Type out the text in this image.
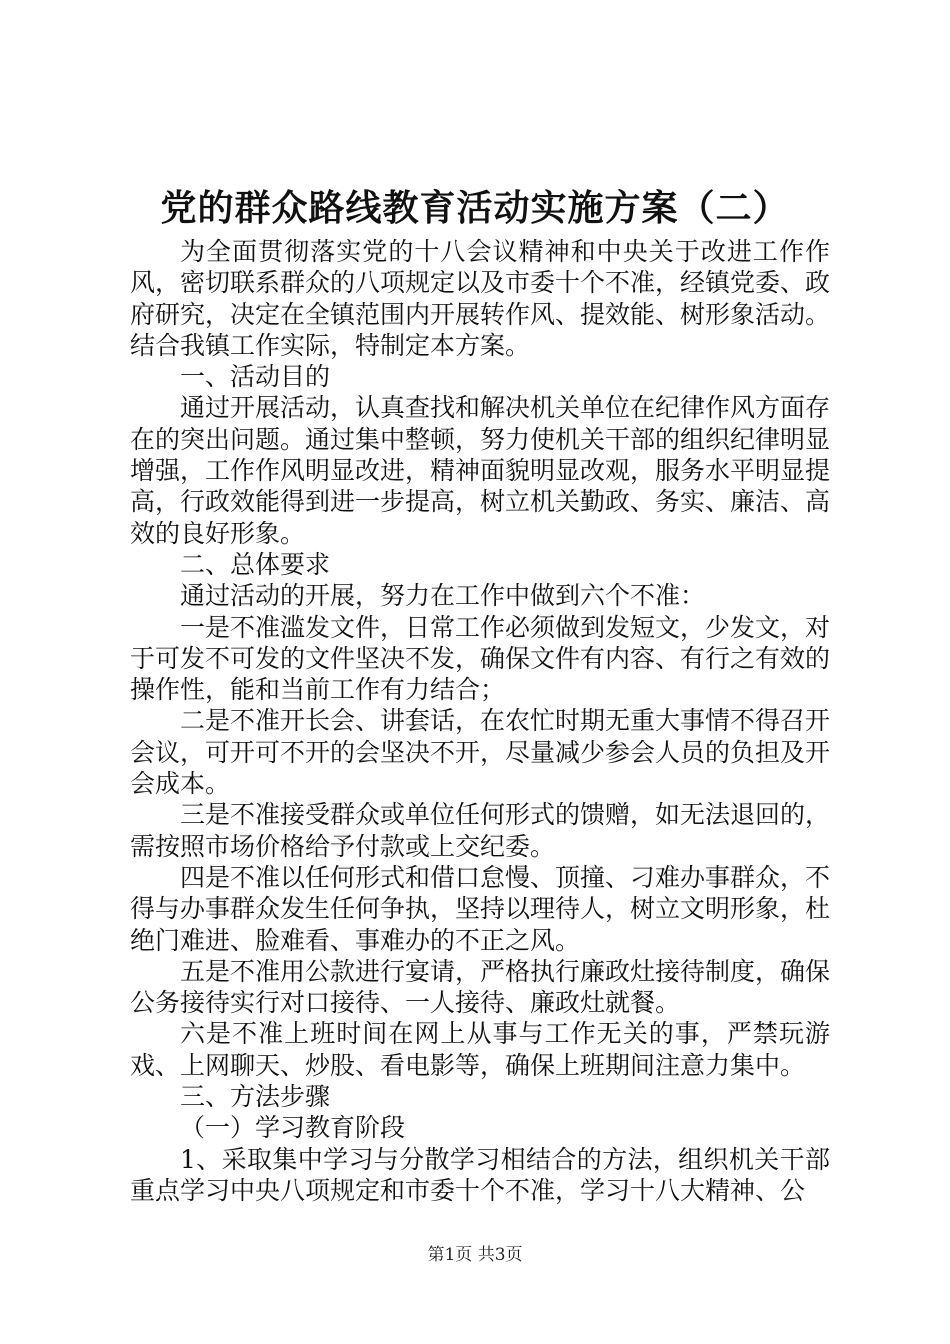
党的群众路线教育活动实施方案（二）

为全面贯彻落实党的十八会议精神和中央关于改进工作作风，密切联系群众的八项规定以及市委十个不准，经镇党委、政府研究，决定在全镇范围内开展转作风、提效能、树形象活动。结合我镇工作实际，特制定本方案。

一、活动目的

通过开展活动，认真查找和解决机关单位在纪律作风方面存在的突出问题。通过集中整顿，努力使机关干部的组织纪律明显增强，工作作风明显改进，精神面貌明显改观，服务水平明显提高，行政效能得到进一步提高，树立机关勤政、务实、廉洁、高效的良好形象。

二、总体要求

通过活动的开展，努力在工作中做到六个不准：

一是不准滥发文件，日常工作必须做到发短文，少发文，对于可发不可发的文件坚决不发，确保文件有内容、有行之有效的操作性，能和当前工作有力结合；

二是不准开长会、讲套话，在农忙时期无重大事情不得召开会议，可开可不开的会坚决不开，尽量减少参会人员的负担及开会成本。

三是不准接受群众或单位任何形式的馈赠，如无法退回的，需按照市场价格给予付款或上交纪委。

四是不准以任何形式和借口怠慢、顶撞、刁难办事群众，不得与办事群众发生任何争执，坚持以理待人，树立文明形象，杜绝门难进、脸难看、事难办的不正之风。

五是不准用公款进行宴请，严格执行廉政灶接待制度，确保公务接待实行对口接待、一人接待、廉政灶就餐。

六是不准上班时间在网上从事与工作无关的事，严禁玩游戏、上网聊天、炒股、看电影等，确保上班期间注意力集中。

三、方法步骤

（一）学习教育阶段

1、采取集中学习与分散学习相结合的方法，组织机关干部重点学习中央八项规定和市委十个不准，学习十八大精神、公

第1页 共3页
